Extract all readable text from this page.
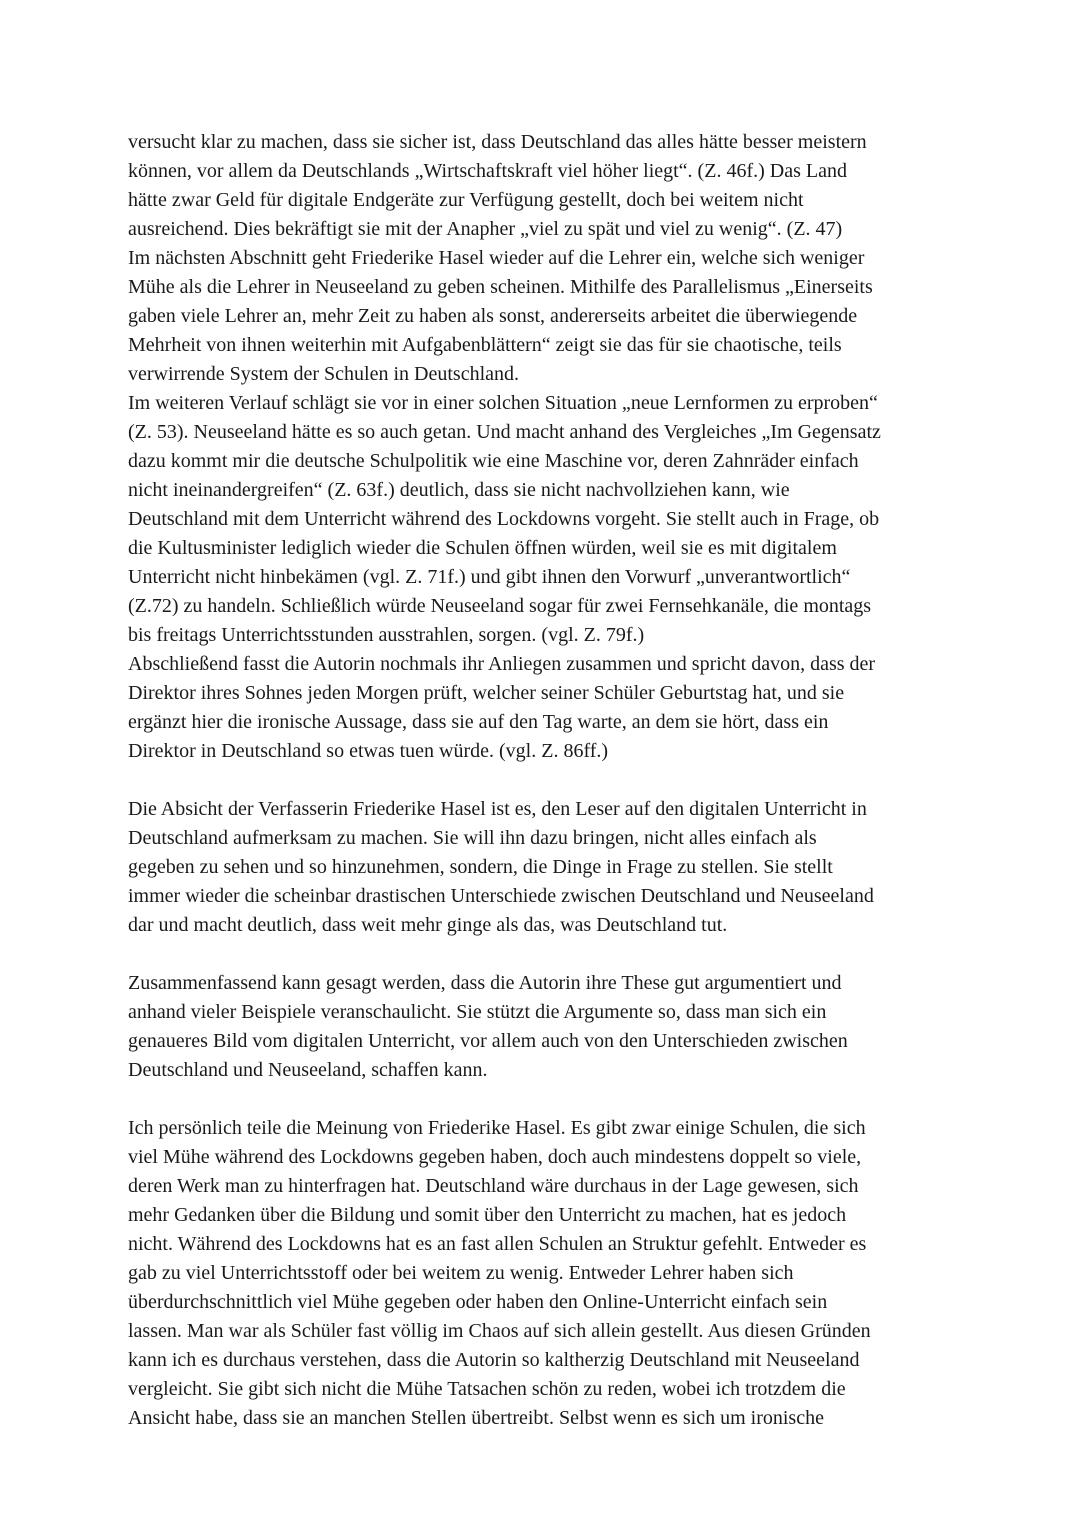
versucht klar zu machen, dass sie sicher ist, dass Deutschland das alles hätte besser meistern
können, vor allem da Deutschlands „Wirtschaftskraft viel höher liegt“. (Z. 46f.) Das Land
hätte zwar Geld für digitale Endgeräte zur Verfügung gestellt, doch bei weitem nicht
ausreichend. Dies bekräftigt sie mit der Anapher „viel zu spät und viel zu wenig“. (Z. 47)
Im nächsten Abschnitt geht Friederike Hasel wieder auf die Lehrer ein, welche sich weniger
Mühe als die Lehrer in Neuseeland zu geben scheinen. Mithilfe des Parallelismus „Einerseits
gaben viele Lehrer an, mehr Zeit zu haben als sonst, andererseits arbeitet die überwiegende
Mehrheit von ihnen weiterhin mit Aufgabenblättern“ zeigt sie das für sie chaotische, teils
verwirrende System der Schulen in Deutschland.
Im weiteren Verlauf schlägt sie vor in einer solchen Situation „neue Lernformen zu erproben“
(Z. 53). Neuseeland hätte es so auch getan. Und macht anhand des Vergleiches „Im Gegensatz
dazu kommt mir die deutsche Schulpolitik wie eine Maschine vor, deren Zahnräder einfach
nicht ineinandergreifen“ (Z. 63f.) deutlich, dass sie nicht nachvollziehen kann, wie
Deutschland mit dem Unterricht während des Lockdowns vorgeht. Sie stellt auch in Frage, ob
die Kultusminister lediglich wieder die Schulen öffnen würden, weil sie es mit digitalem
Unterricht nicht hinbekämen (vgl. Z. 71f.) und gibt ihnen den Vorwurf „unverantwortlich“
(Z.72) zu handeln. Schließlich würde Neuseeland sogar für zwei Fernsehkanäle, die montags
bis freitags Unterrichtsstunden ausstrahlen, sorgen. (vgl. Z. 79f.)
Abschließend fasst die Autorin nochmals ihr Anliegen zusammen und spricht davon, dass der
Direktor ihres Sohnes jeden Morgen prüft, welcher seiner Schüler Geburtstag hat, und sie
ergänzt hier die ironische Aussage, dass sie auf den Tag warte, an dem sie hört, dass ein
Direktor in Deutschland so etwas tuen würde. (vgl. Z. 86ff.)
Die Absicht der Verfasserin Friederike Hasel ist es, den Leser auf den digitalen Unterricht in
Deutschland aufmerksam zu machen. Sie will ihn dazu bringen, nicht alles einfach als
gegeben zu sehen und so hinzunehmen, sondern, die Dinge in Frage zu stellen. Sie stellt
immer wieder die scheinbar drastischen Unterschiede zwischen Deutschland und Neuseeland
dar und macht deutlich, dass weit mehr ginge als das, was Deutschland tut.
Zusammenfassend kann gesagt werden, dass die Autorin ihre These gut argumentiert und
anhand vieler Beispiele veranschaulicht. Sie stützt die Argumente so, dass man sich ein
genaueres Bild vom digitalen Unterricht, vor allem auch von den Unterschieden zwischen
Deutschland und Neuseeland, schaffen kann.
Ich persönlich teile die Meinung von Friederike Hasel. Es gibt zwar einige Schulen, die sich
viel Mühe während des Lockdowns gegeben haben, doch auch mindestens doppelt so viele,
deren Werk man zu hinterfragen hat. Deutschland wäre durchaus in der Lage gewesen, sich
mehr Gedanken über die Bildung und somit über den Unterricht zu machen, hat es jedoch
nicht. Während des Lockdowns hat es an fast allen Schulen an Struktur gefehlt. Entweder es
gab zu viel Unterrichtsstoff oder bei weitem zu wenig. Entweder Lehrer haben sich
überdurchschnittlich viel Mühe gegeben oder haben den Online-Unterricht einfach sein
lassen. Man war als Schüler fast völlig im Chaos auf sich allein gestellt. Aus diesen Gründen
kann ich es durchaus verstehen, dass die Autorin so kaltherzig Deutschland mit Neuseeland
vergleicht. Sie gibt sich nicht die Mühe Tatsachen schön zu reden, wobei ich trotzdem die
Ansicht habe, dass sie an manchen Stellen übertreibt. Selbst wenn es sich um ironische
